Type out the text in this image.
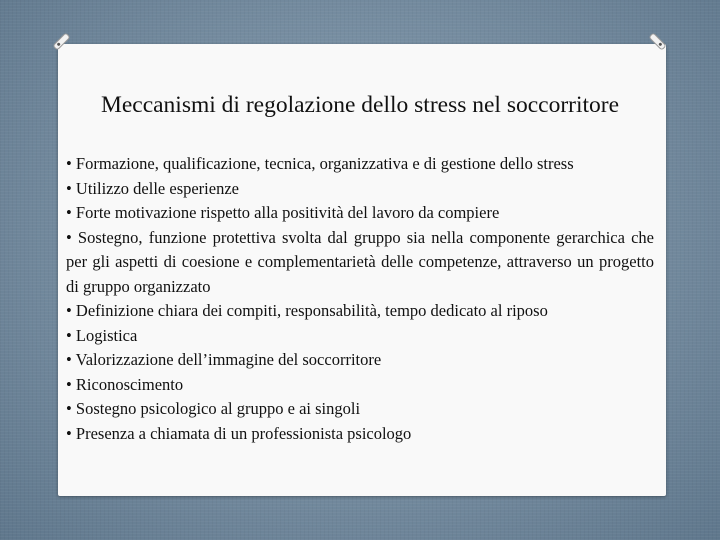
Meccanismi di regolazione dello stress nel soccorritore
• Formazione, qualificazione, tecnica, organizzativa e di gestione dello stress
• Utilizzo delle esperienze
• Forte motivazione rispetto alla positività del lavoro da compiere
• Sostegno, funzione protettiva svolta dal gruppo sia nella componente gerarchica che per gli aspetti di coesione e complementarietà delle competenze, attraverso un progetto di gruppo organizzato
• Definizione chiara dei compiti, responsabilità, tempo dedicato al riposo
• Logistica
• Valorizzazione dell’immagine del soccorritore
• Riconoscimento
• Sostegno psicologico al gruppo e ai singoli
• Presenza a chiamata di un professionista psicologo
